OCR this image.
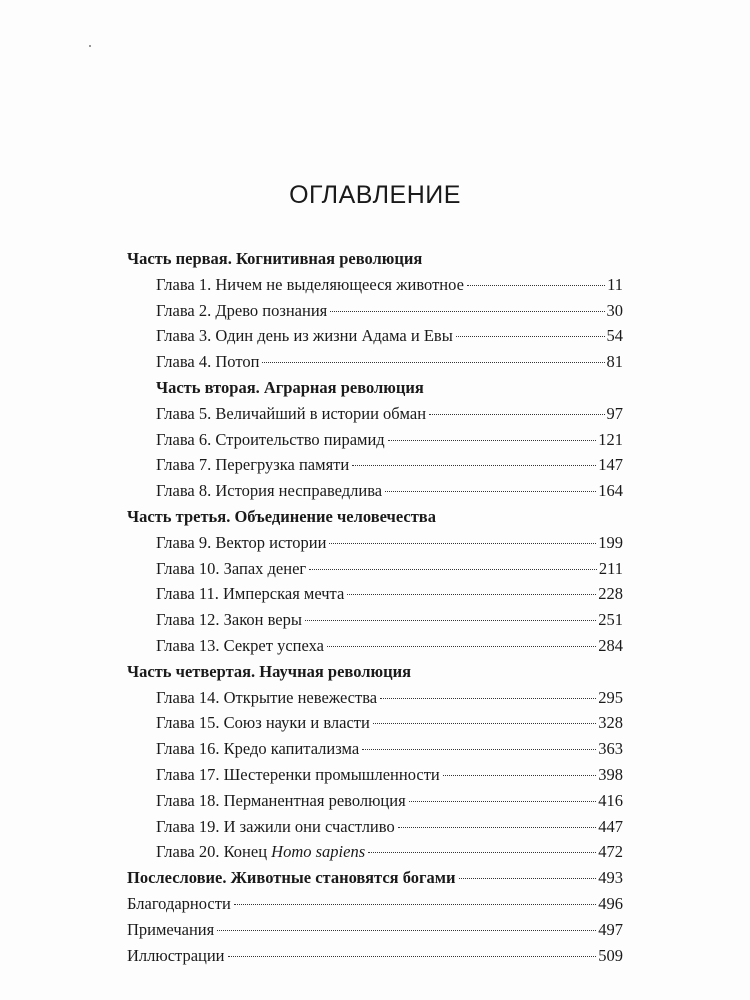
ОГЛАВЛЕНИЕ
Часть первая. Когнитивная революция
Глава 1. Ничем не выделяющееся животное	11
Глава 2. Древо познания	30
Глава 3. Один день из жизни Адама и Евы	54
Глава 4. Потоп	81
Часть вторая. Аграрная революция
Глава 5. Величайший в истории обман	97
Глава 6. Строительство пирамид	121
Глава 7. Перегрузка памяти	147
Глава 8. История несправедлива	164
Часть третья. Объединение человечества
Глава 9. Вектор истории	199
Глава 10. Запах денег	211
Глава 11. Имперская мечта	228
Глава 12. Закон веры	251
Глава 13. Секрет успеха	284
Часть четвертая. Научная революция
Глава 14. Открытие невежества	295
Глава 15. Союз науки и власти	328
Глава 16. Кредо капитализма	363
Глава 17. Шестеренки промышленности	398
Глава 18. Перманентная революция	416
Глава 19. И зажили они счастливо	447
Глава 20. Конец Homo sapiens	472
Послесловие. Животные становятся богами	493
Благодарности	496
Примечания	497
Иллюстрации	509
